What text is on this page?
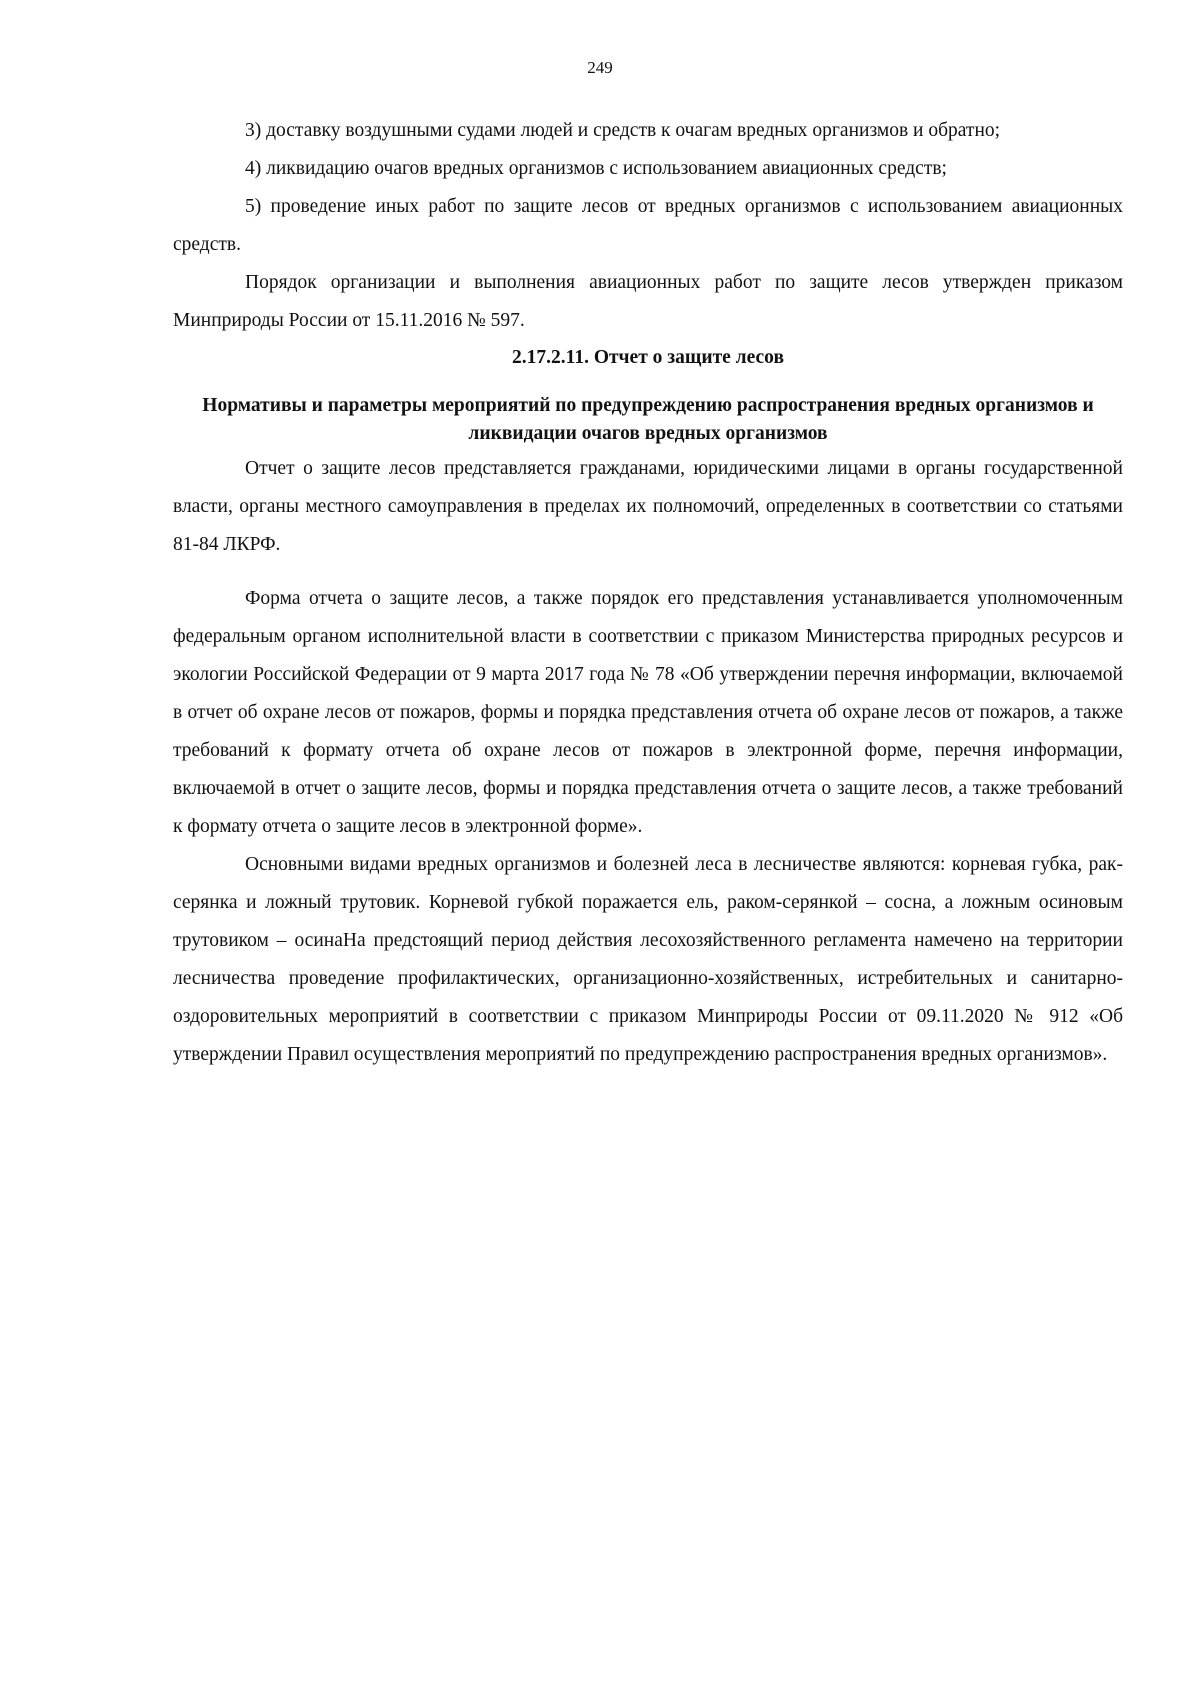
249

3) доставку воздушными судами людей и средств к очагам вредных организмов и обратно;

4) ликвидацию очагов вредных организмов с использованием авиационных средств;

5) проведение иных работ по защите лесов от вредных организмов с использованием авиационных средств.

Порядок организации и выполнения авиационных работ по защите лесов утвержден приказом Минприроды России от 15.11.2016 № 597.

2.17.2.11. Отчет о защите лесов

Нормативы и параметры мероприятий по предупреждению распространения вредных организмов и ликвидации очагов вредных организмов

Отчет о защите лесов представляется гражданами, юридическими лицами в органы государственной власти, органы местного самоуправления в пределах их полномочий, определенных в соответствии со статьями 81-84 ЛКРФ.

Форма отчета о защите лесов, а также порядок его представления устанавливается уполномоченным федеральным органом исполнительной власти в соответствии с приказом Министерства природных ресурсов и экологии Российской Федерации от 9 марта 2017 года № 78 «Об утверждении перечня информации, включаемой в отчет об охране лесов от пожаров, формы и порядка представления отчета об охране лесов от пожаров, а также требований к формату отчета об охране лесов от пожаров в электронной форме, перечня информации, включаемой в отчет о защите лесов, формы и порядка представления отчета о защите лесов, а также требований к формату отчета о защите лесов в электронной форме».

Основными видами вредных организмов и болезней леса в лесничестве являются: корневая губка, рак-серянка и ложный трутовик. Корневой губкой поражается ель, раком-серянкой – сосна, а ложным осиновым трутовиком – осинаНа предстоящий период действия лесохозяйственного регламента намечено на территории лесничества проведение профилактических, организационно-хозяйственных, истребительных и санитарно-оздоровительных мероприятий в соответствии с приказом Минприроды России от 09.11.2020 № 912 «Об утверждении Правил осуществления мероприятий по предупреждению распространения вредных организмов».
